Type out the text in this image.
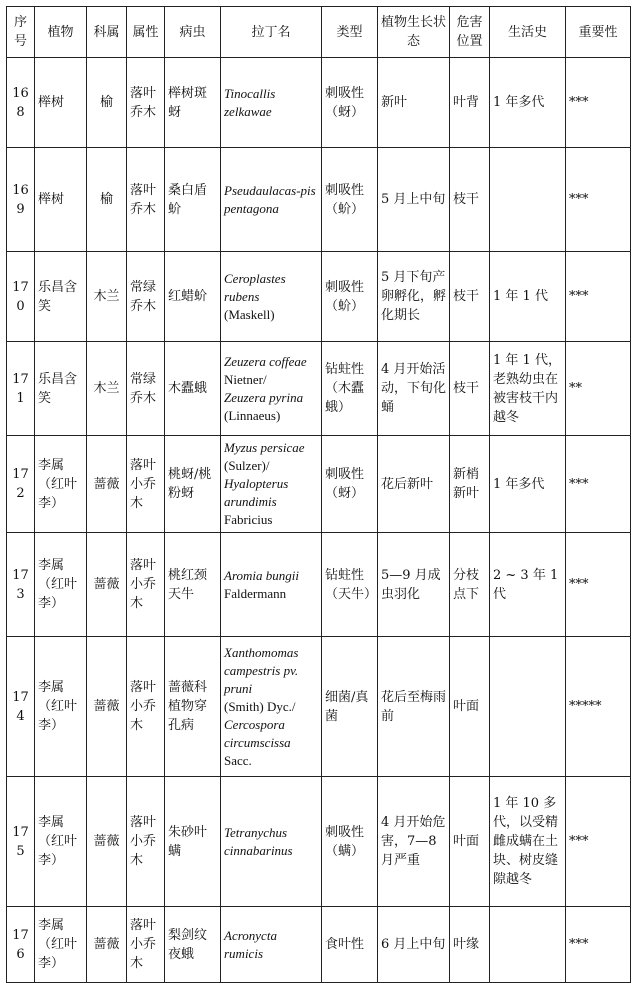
序号	植物	科属	属性	病虫	拉丁名	类型	植物生长状态	危害位置	生活史	重要性
168	榉树	榆	落叶乔木	榉树斑蚜	Tinocallis zelkawae	刺吸性（蚜）	新叶	叶背	1 年多代	***
169	榉树	榆	落叶乔木	桑白盾蚧	Pseudaulacas-pis pentagona	刺吸性（蚧）	5 月上中旬	枝干		***
170	乐昌含笑	木兰	常绿乔木	红蜡蚧	Ceroplastes rubens
(Maskell)	刺吸性（蚧）	5 月下旬产卵孵化，孵化期长	枝干	1 年 1 代	***
171	乐昌含笑	木兰	常绿乔木	木蠹蛾	Zeuzera coffeae
Nietner/
Zeuzera pyrina
(Linnaeus)	钻蛀性（木蠹蛾）	4 月开始活动，下旬化蛹	枝干	1 年 1 代，老熟幼虫在被害枝干内越冬	**
172	李属（红叶李）	蔷薇	落叶小乔木	桃蚜/桃粉蚜	Myzus persicae
(Sulzer)/
Hyalopterus arundimis
Fabricius	刺吸性（蚜）	花后新叶	新梢新叶	1 年多代	***
173	李属（红叶李）	蔷薇	落叶小乔木	桃红颈天牛	Aromia bungii
Faldermann	钻蛀性（天牛）	5—9 月成虫羽化	分枝点下	2 ~ 3 年 1 代	***
174	李属（红叶李）	蔷薇	落叶小乔木	蔷薇科植物穿孔病	Xanthomomas campestris pv. pruni
(Smith) Dyc./
Cercospora circumscissa
Sacc.	细菌/真菌	花后至梅雨前	叶面		*****
175	李属（红叶李）	蔷薇	落叶小乔木	朱砂叶螨	Tetranychus cinnabarinus	刺吸性（螨）	4 月开始危害，7—8 月严重	叶面	1 年 10 多代，以受精雌成螨在土块、树皮缝隙越冬	***
176	李属（红叶李）	蔷薇	落叶小乔木	梨剑纹夜蛾	Acronycta rumicis	食叶性	6 月上中旬	叶缘		***
